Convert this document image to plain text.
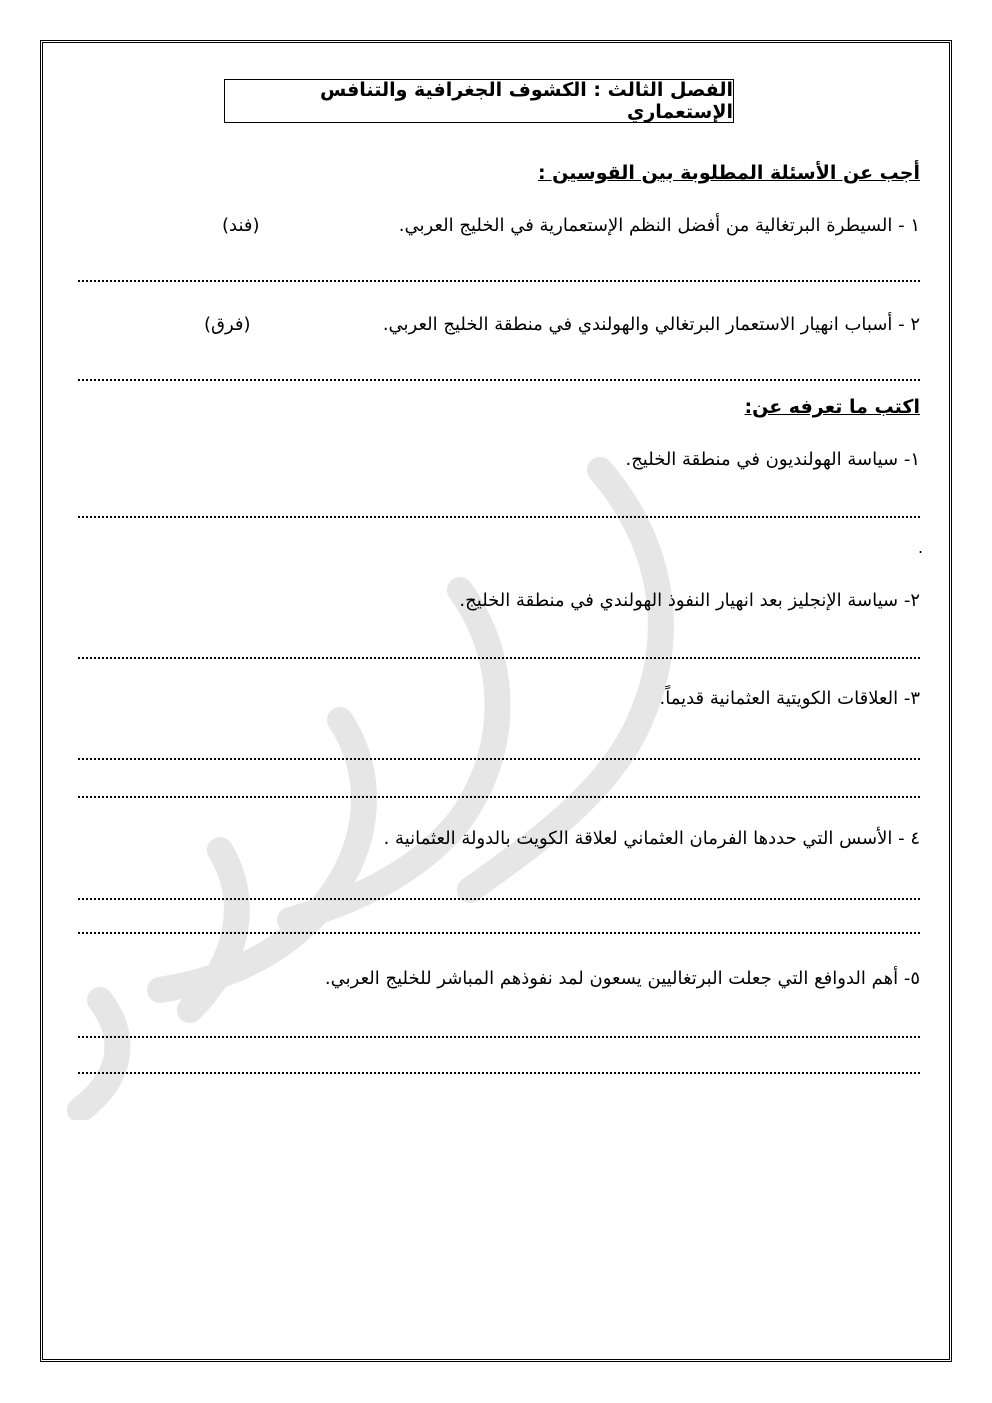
الفصل الثالث : الكشوف الجغرافية والتنافس الإستعماري
أجب عن الأسئلة المطلوبة بين القوسين :
١ - السيطرة البرتغالية من أفضل النظم الإستعمارية في الخليج العربي.
(فند)
٢ - أسباب انهيار الاستعمار البرتغالي والهولندي في منطقة الخليج العربي.
(فرق)
اكتب ما تعرفه عن:
١- سياسة الهولنديون في منطقة الخليج.
.
٢- سياسة الإنجليز بعد انهيار النفوذ الهولندي في منطقة الخليج.
٣- العلاقات الكويتية العثمانية قديماً.
٤ - الأسس التي حددها الفرمان العثماني لعلاقة الكويت بالدولة العثمانية .
٥- أهم الدوافع التي جعلت البرتغاليين يسعون لمد نفوذهم المباشر للخليج العربي.
